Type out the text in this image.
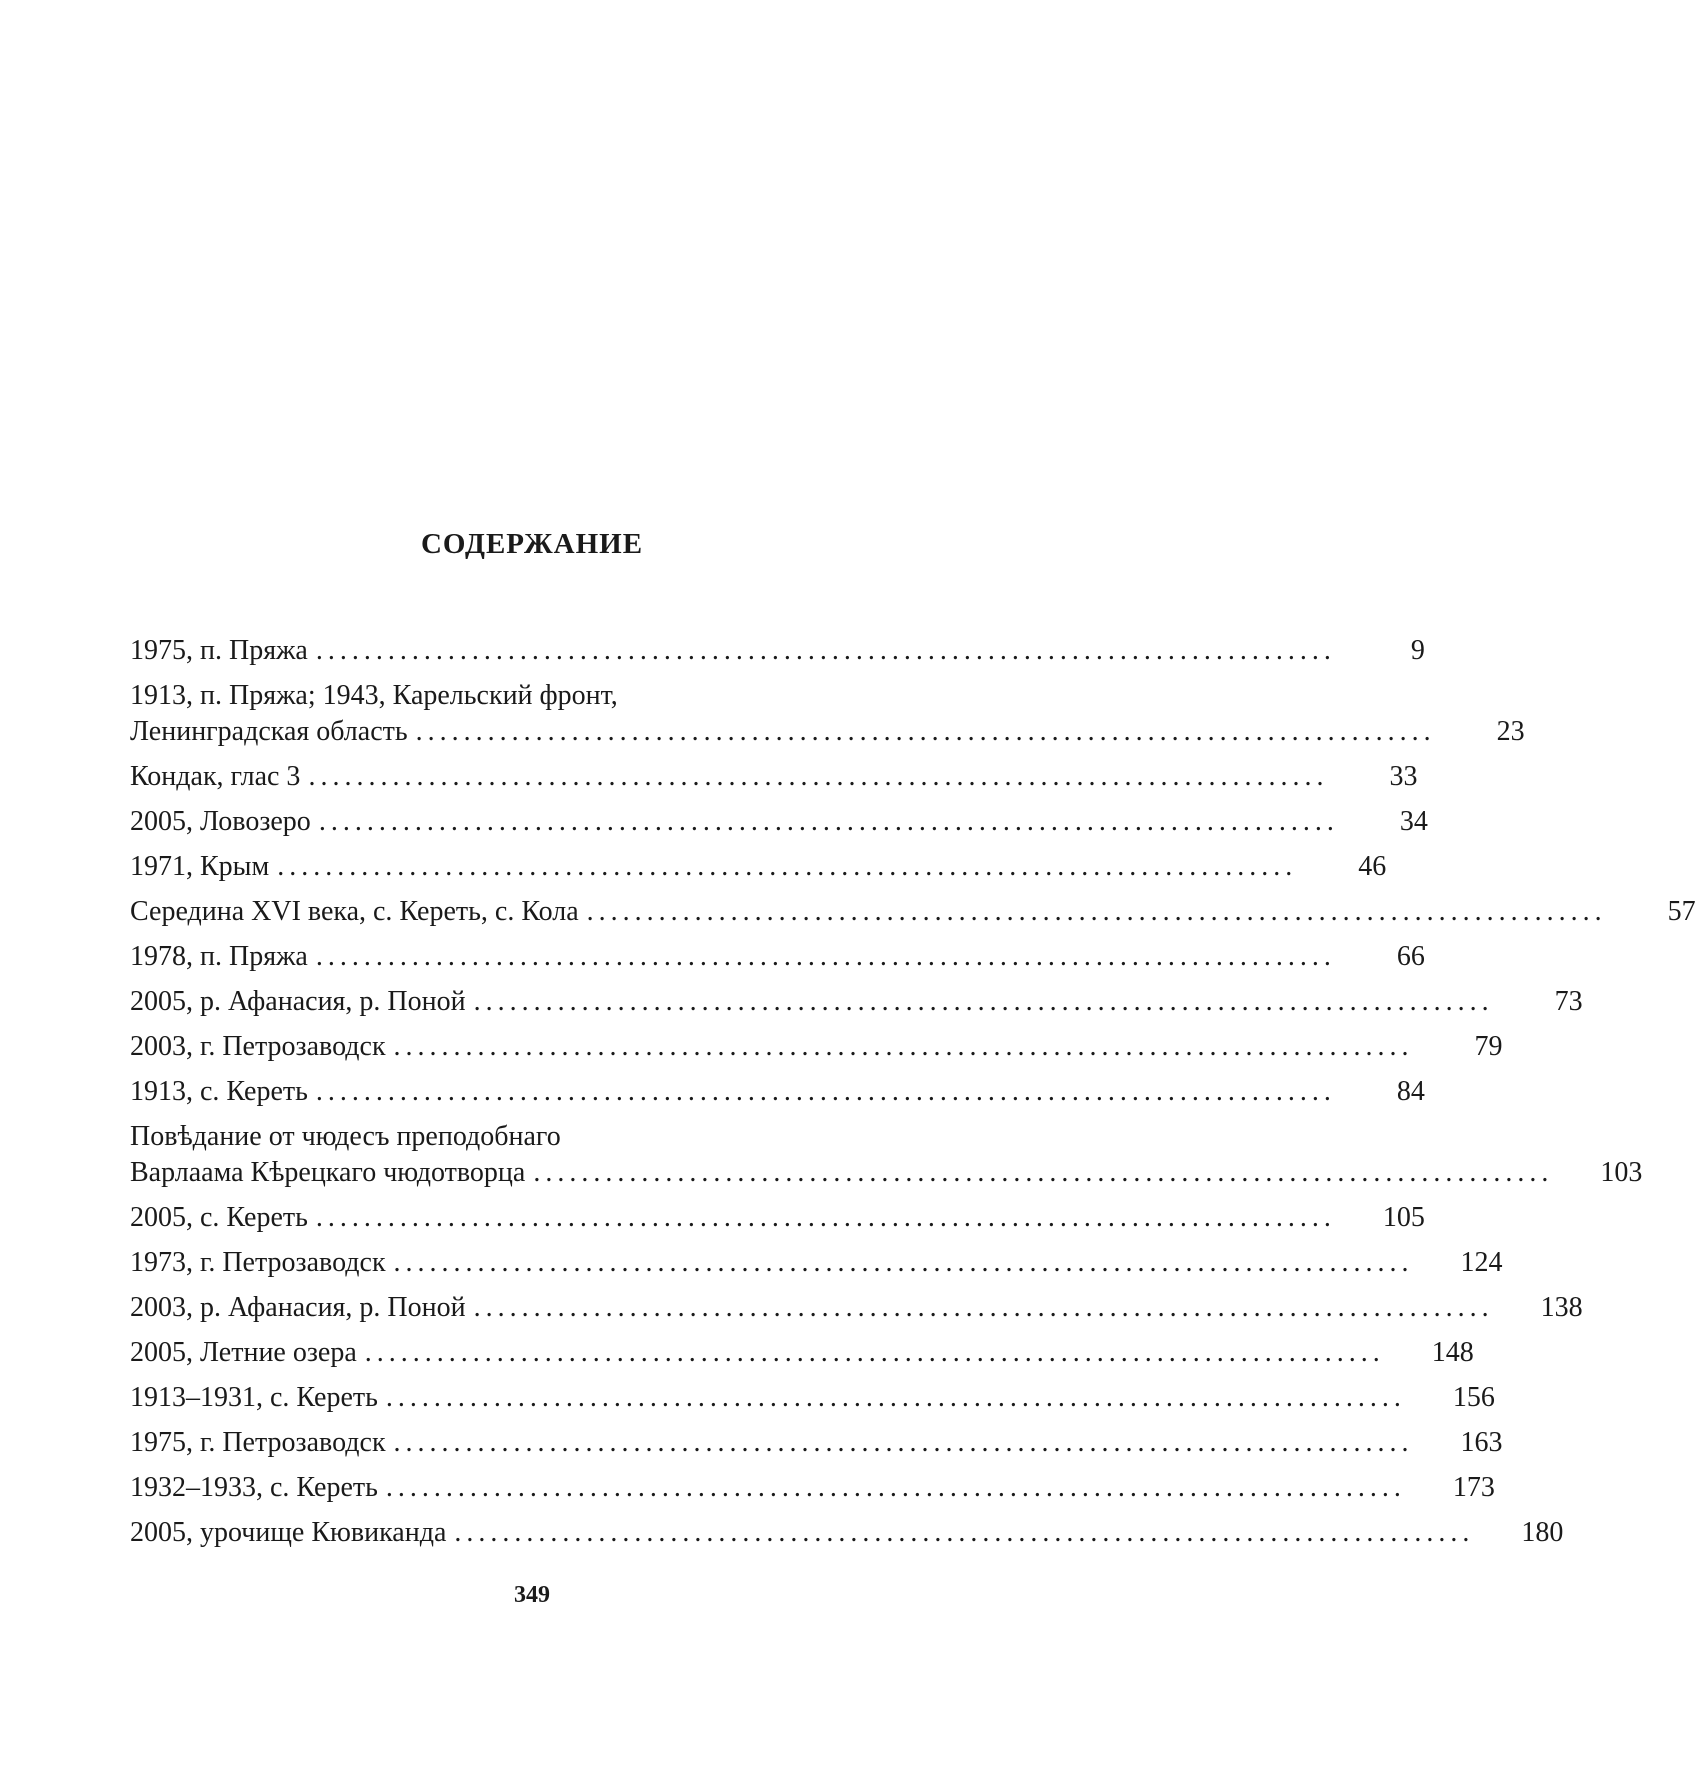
СОДЕРЖАНИЕ
1975, п. Пряжа . . .	9
1913, п. Пряжа; 1943, Карельский фронт,
Ленинградская область . . .	23
Кондак, глас 3 . . .	33
2005, Ловозеро . . .	34
1971, Крым . . .	46
Середина XVI века, с. Кереть, с. Кола . . .	57
1978, п. Пряжа . . .	66
2005, р. Афанасия, р. Поной . . .	73
2003, г. Петрозаводск . . .	79
1913, с. Кереть . . .	84
Повѣдание от чюдесъ преподобнаго
Варлаама Кѣрецкаго чюдотворца . . .	103
2005, с. Кереть . . .	105
1973, г. Петрозаводск . . .	124
2003, р. Афанасия, р. Поной . . .	138
2005, Летние озера . . .	148
1913–1931, с. Кереть . . .	156
1975, г. Петрозаводск . . .	163
1932–1933, с. Кереть . . .	173
2005, урочище Кювиканда . . .	180
349
